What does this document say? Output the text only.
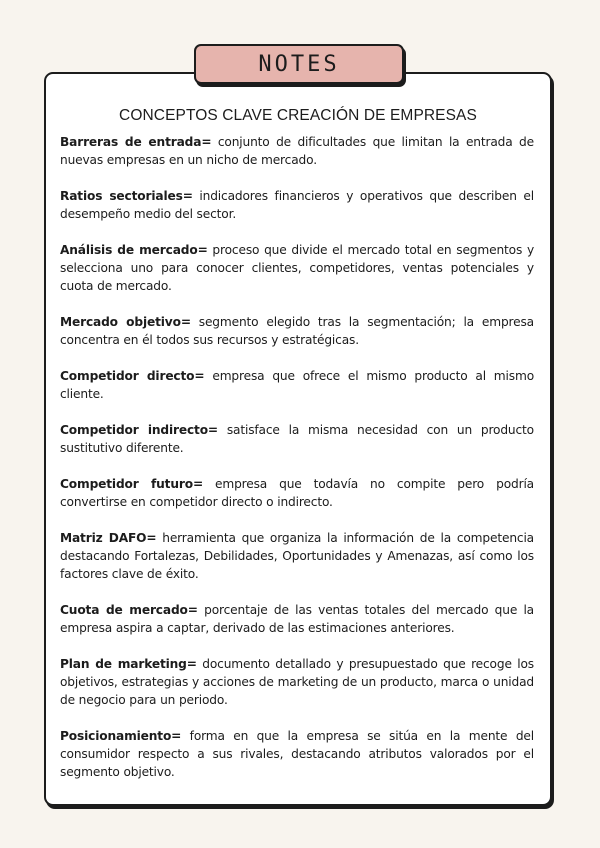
NOTES
CONCEPTOS CLAVE CREACIÓN DE EMPRESAS

Barreras de entrada= conjunto de dificultades que limitan la entrada de nuevas empresas en un nicho de mercado.

Ratios sectoriales= indicadores financieros y operativos que describen el desempeño medio del sector.

Análisis de mercado= proceso que divide el mercado total en segmentos y selecciona uno para conocer clientes, competidores, ventas potenciales y cuota de mercado.

Mercado objetivo= segmento elegido tras la segmentación; la empresa concentra en él todos sus recursos y estratégicas.

Competidor directo= empresa que ofrece el mismo producto al mismo cliente.

Competidor indirecto= satisface la misma necesidad con un producto sustitutivo diferente.

Competidor futuro= empresa que todavía no compite pero podría convertirse en competidor directo o indirecto.

Matriz DAFO= herramienta que organiza la información de la competencia destacando Fortalezas, Debilidades, Oportunidades y Amenazas, así como los factores clave de éxito.

Cuota de mercado= porcentaje de las ventas totales del mercado que la empresa aspira a captar, derivado de las estimaciones anteriores.

Plan de marketing= documento detallado y presupuestado que recoge los objetivos, estrategias y acciones de marketing de un producto, marca o unidad de negocio para un periodo.

Posicionamiento= forma en que la empresa se sitúa en la mente del consumidor respecto a sus rivales, destacando atributos valorados por el segmento objetivo.
